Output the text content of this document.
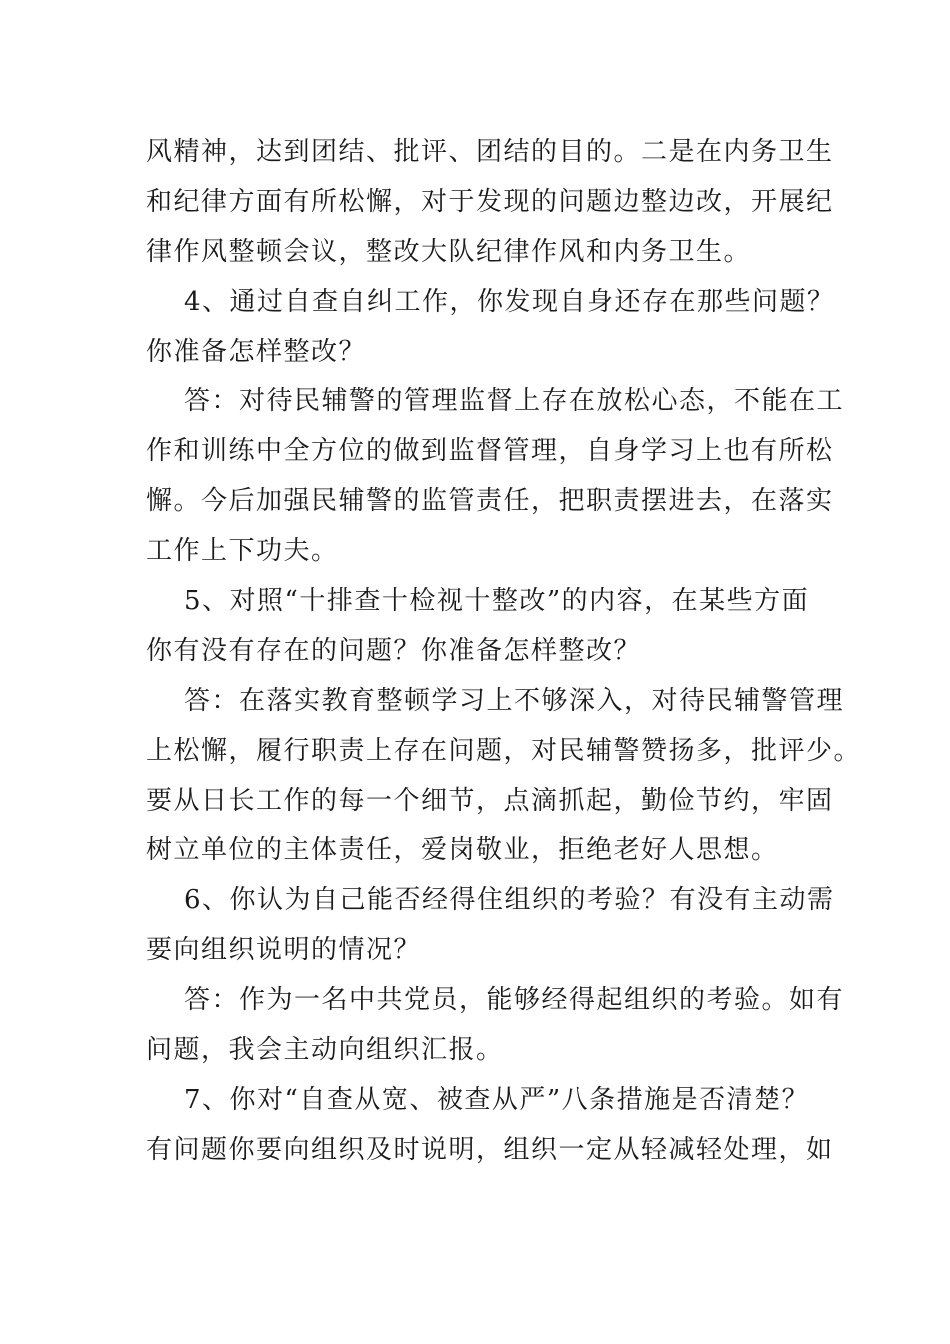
风精神，达到团结、批评、团结的目的。二是在内务卫生
和纪律方面有所松懈，对于发现的问题边整边改，开展纪
律作风整顿会议，整改大队纪律作风和内务卫生。
4、通过自查自纠工作，你发现自身还存在那些问题？
你准备怎样整改？
答：对待民辅警的管理监督上存在放松心态，不能在工
作和训练中全方位的做到监督管理，自身学习上也有所松
懈。今后加强民辅警的监管责任，把职责摆进去，在落实
工作上下功夫。
5、对照“十排查十检视十整改”的内容，在某些方面
你有没有存在的问题？你准备怎样整改？
答：在落实教育整顿学习上不够深入，对待民辅警管理
上松懈，履行职责上存在问题，对民辅警赞扬多，批评少。
要从日长工作的每一个细节，点滴抓起，勤俭节约，牢固
树立单位的主体责任，爱岗敬业，拒绝老好人思想。
6、你认为自己能否经得住组织的考验？有没有主动需
要向组织说明的情况？
答：作为一名中共党员，能够经得起组织的考验。如有
问题，我会主动向组织汇报。
7、你对“自查从宽、被查从严”八条措施是否清楚？
有问题你要向组织及时说明，组织一定从轻减轻处理，如
